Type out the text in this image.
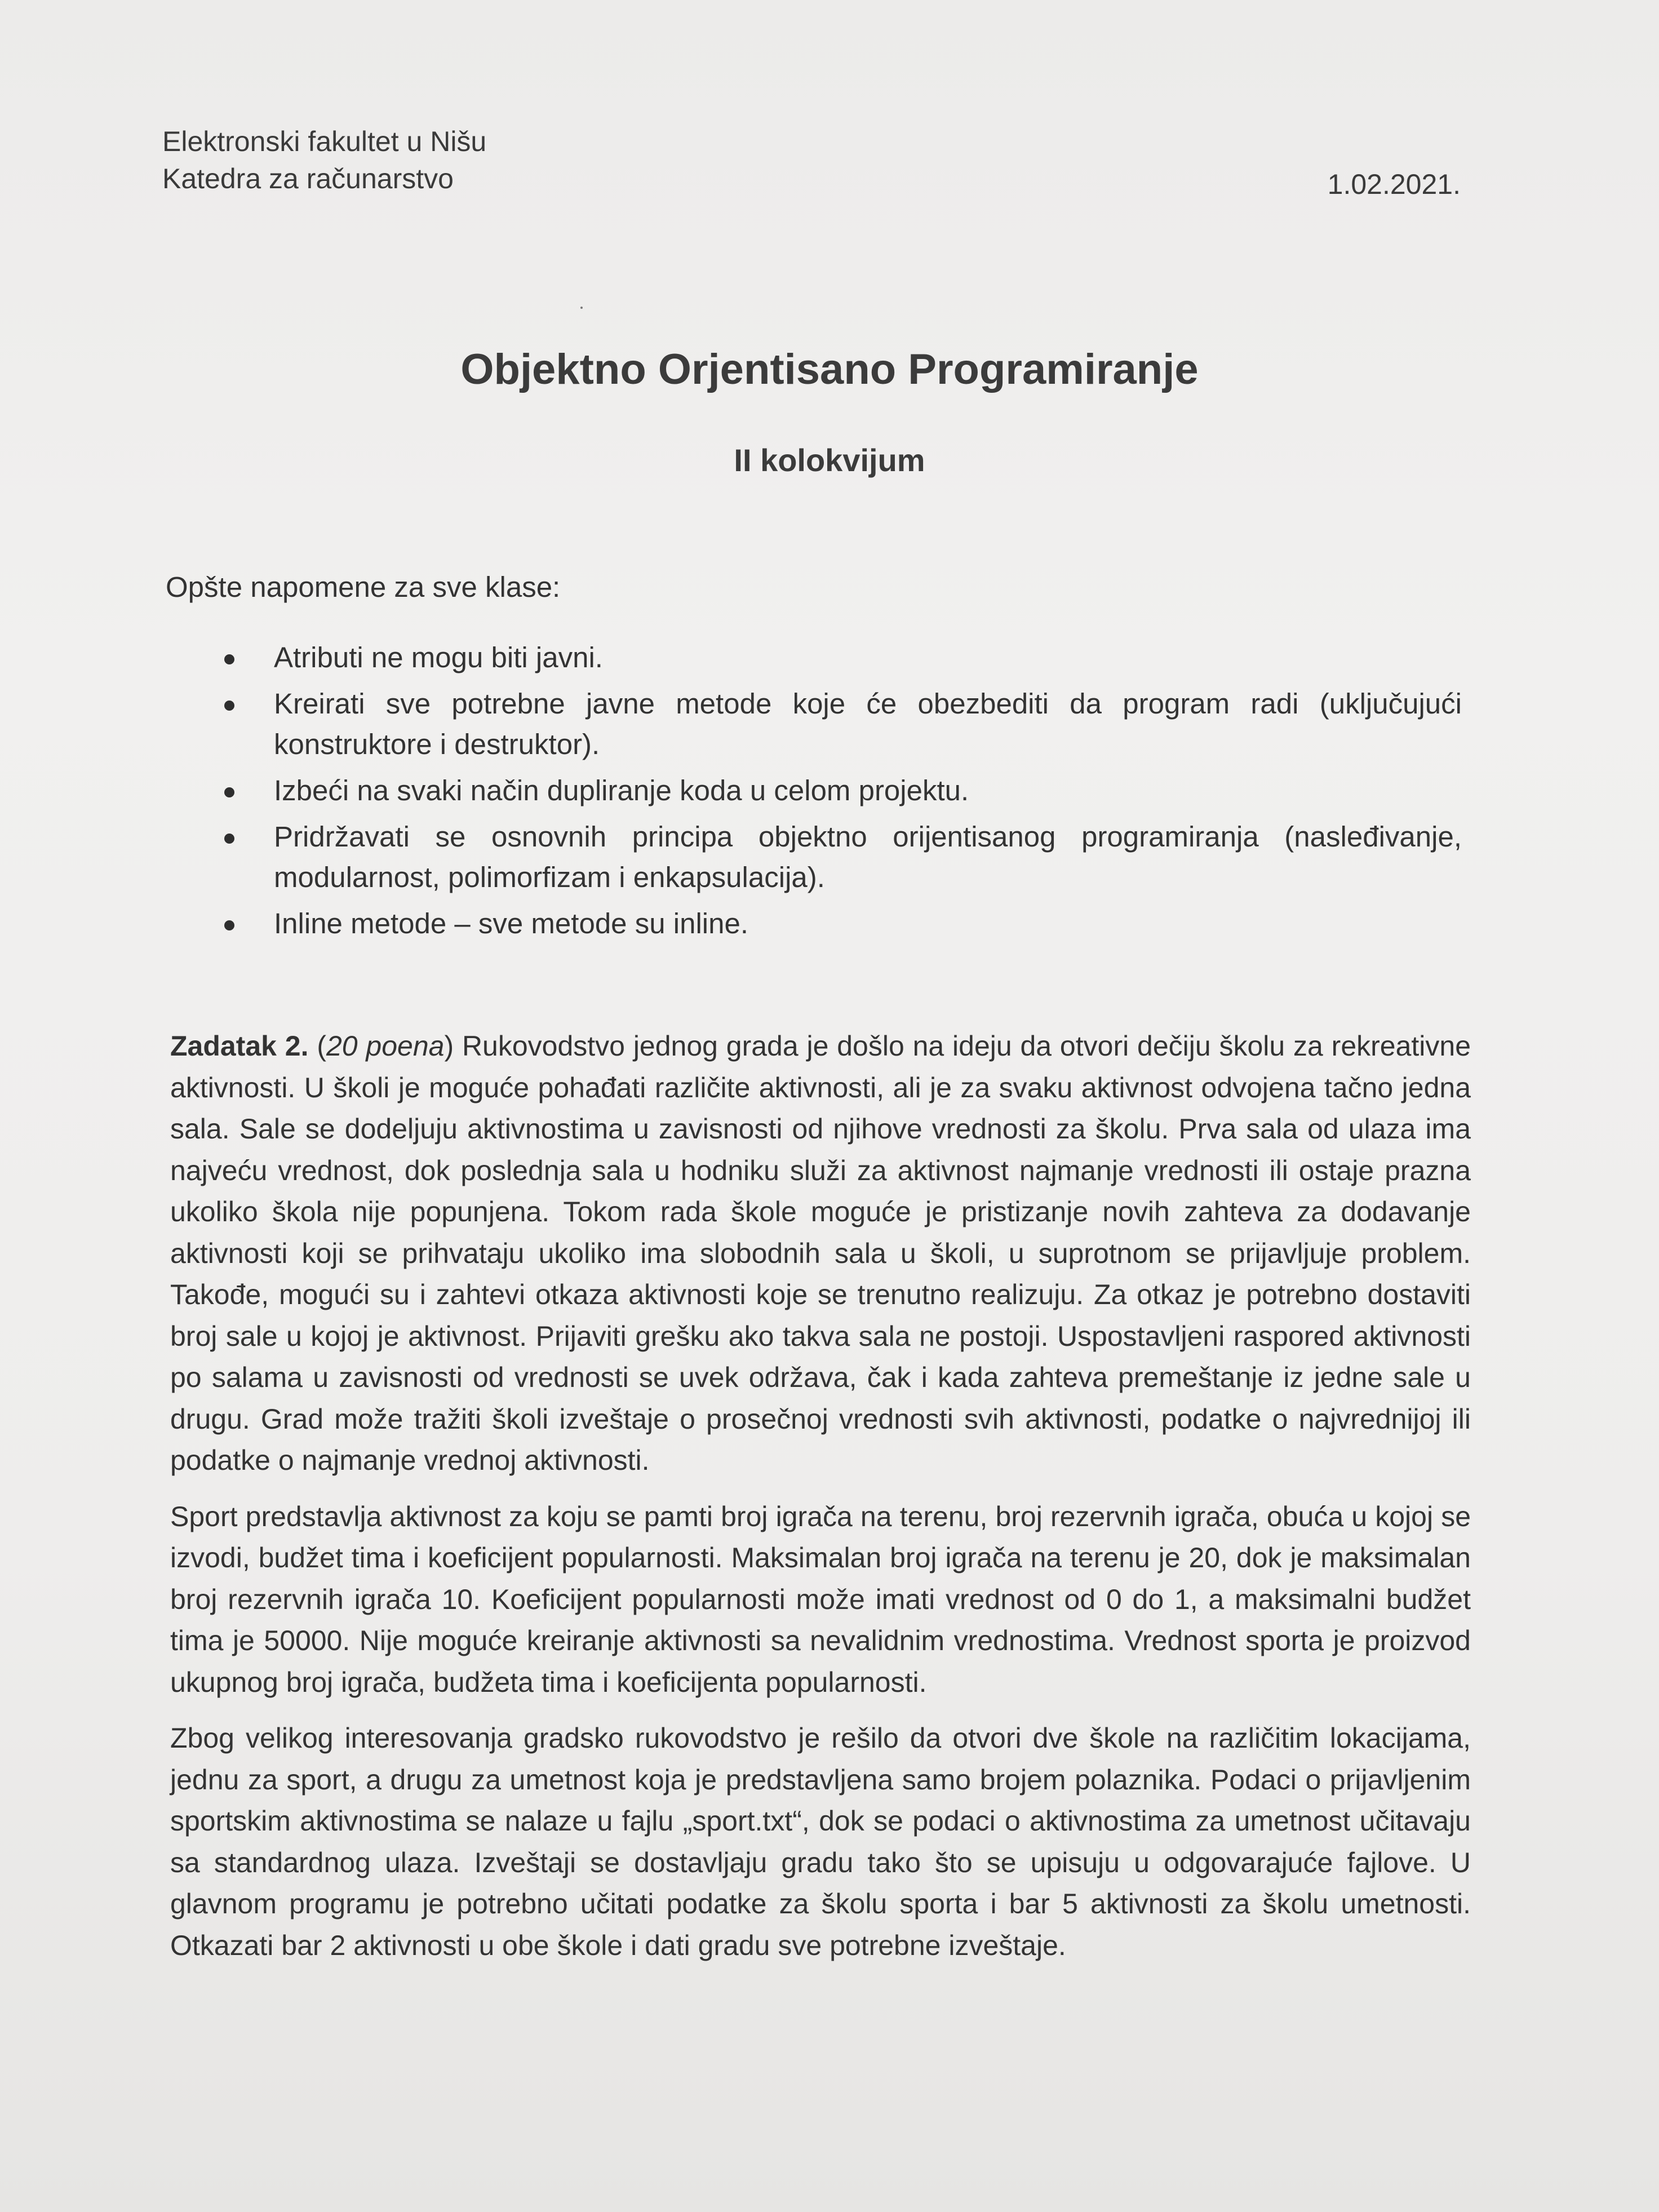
Elektronski fakultet u Nišu
Katedra za računarstvo	1.02.2021.
Objektno Orjentisano Programiranje
II kolokvijum
Opšte napomene za sve klase:
Atributi ne mogu biti javni.
Kreirati sve potrebne javne metode koje će obezbediti da program radi (uključujući konstruktore i destruktor).
Izbeći na svaki način dupliranje koda u celom projektu.
Pridržavati se osnovnih principa objektno orijentisanog programiranja (nasleđivanje, modularnost, polimorfizam i enkapsulacija).
Inline metode – sve metode su inline.

Zadatak 2. (20 poena) Rukovodstvo jednog grada je došlo na ideju da otvori dečiju školu za rekreativne aktivnosti. U školi je moguće pohađati različite aktivnosti, ali je za svaku aktivnost odvojena tačno jedna sala. Sale se dodeljuju aktivnostima u zavisnosti od njihove vrednosti za školu. Prva sala od ulaza ima najveću vrednost, dok poslednja sala u hodniku služi za aktivnost najmanje vrednosti ili ostaje prazna ukoliko škola nije popunjena. Tokom rada škole moguće je pristizanje novih zahteva za dodavanje aktivnosti koji se prihvataju ukoliko ima slobodnih sala u školi, u suprotnom se prijavljuje problem. Takođe, mogući su i zahtevi otkaza aktivnosti koje se trenutno realizuju. Za otkaz je potrebno dostaviti broj sale u kojoj je aktivnost. Prijaviti grešku ako takva sala ne postoji. Uspostavljeni raspored aktivnosti po salama u zavisnosti od vrednosti se uvek održava, čak i kada zahteva premeštanje iz jedne sale u drugu. Grad može tražiti školi izveštaje o prosečnoj vrednosti svih aktivnosti, podatke o najvrednijoj ili podatke o najmanje vrednoj aktivnosti.

Sport predstavlja aktivnost za koju se pamti broj igrača na terenu, broj rezervnih igrača, obuća u kojoj se izvodi, budžet tima i koeficijent popularnosti. Maksimalan broj igrača na terenu je 20, dok je maksimalan broj rezervnih igrača 10. Koeficijent popularnosti može imati vrednost od 0 do 1, a maksimalni budžet tima je 50000. Nije moguće kreiranje aktivnosti sa nevalidnim vrednostima. Vrednost sporta je proizvod ukupnog broj igrača, budžeta tima i koeficijenta popularnosti.

Zbog velikog interesovanja gradsko rukovodstvo je rešilo da otvori dve škole na različitim lokacijama, jednu za sport, a drugu za umetnost koja je predstavljena samo brojem polaznika. Podaci o prijavljenim sportskim aktivnostima se nalaze u fajlu „sport.txt“, dok se podaci o aktivnostima za umetnost učitavaju sa standardnog ulaza. Izveštaji se dostavljaju gradu tako što se upisuju u odgovarajuće fajlove. U glavnom programu je potrebno učitati podatke za školu sporta i bar 5 aktivnosti za školu umetnosti. Otkazati bar 2 aktivnosti u obe škole i dati gradu sve potrebne izveštaje.
